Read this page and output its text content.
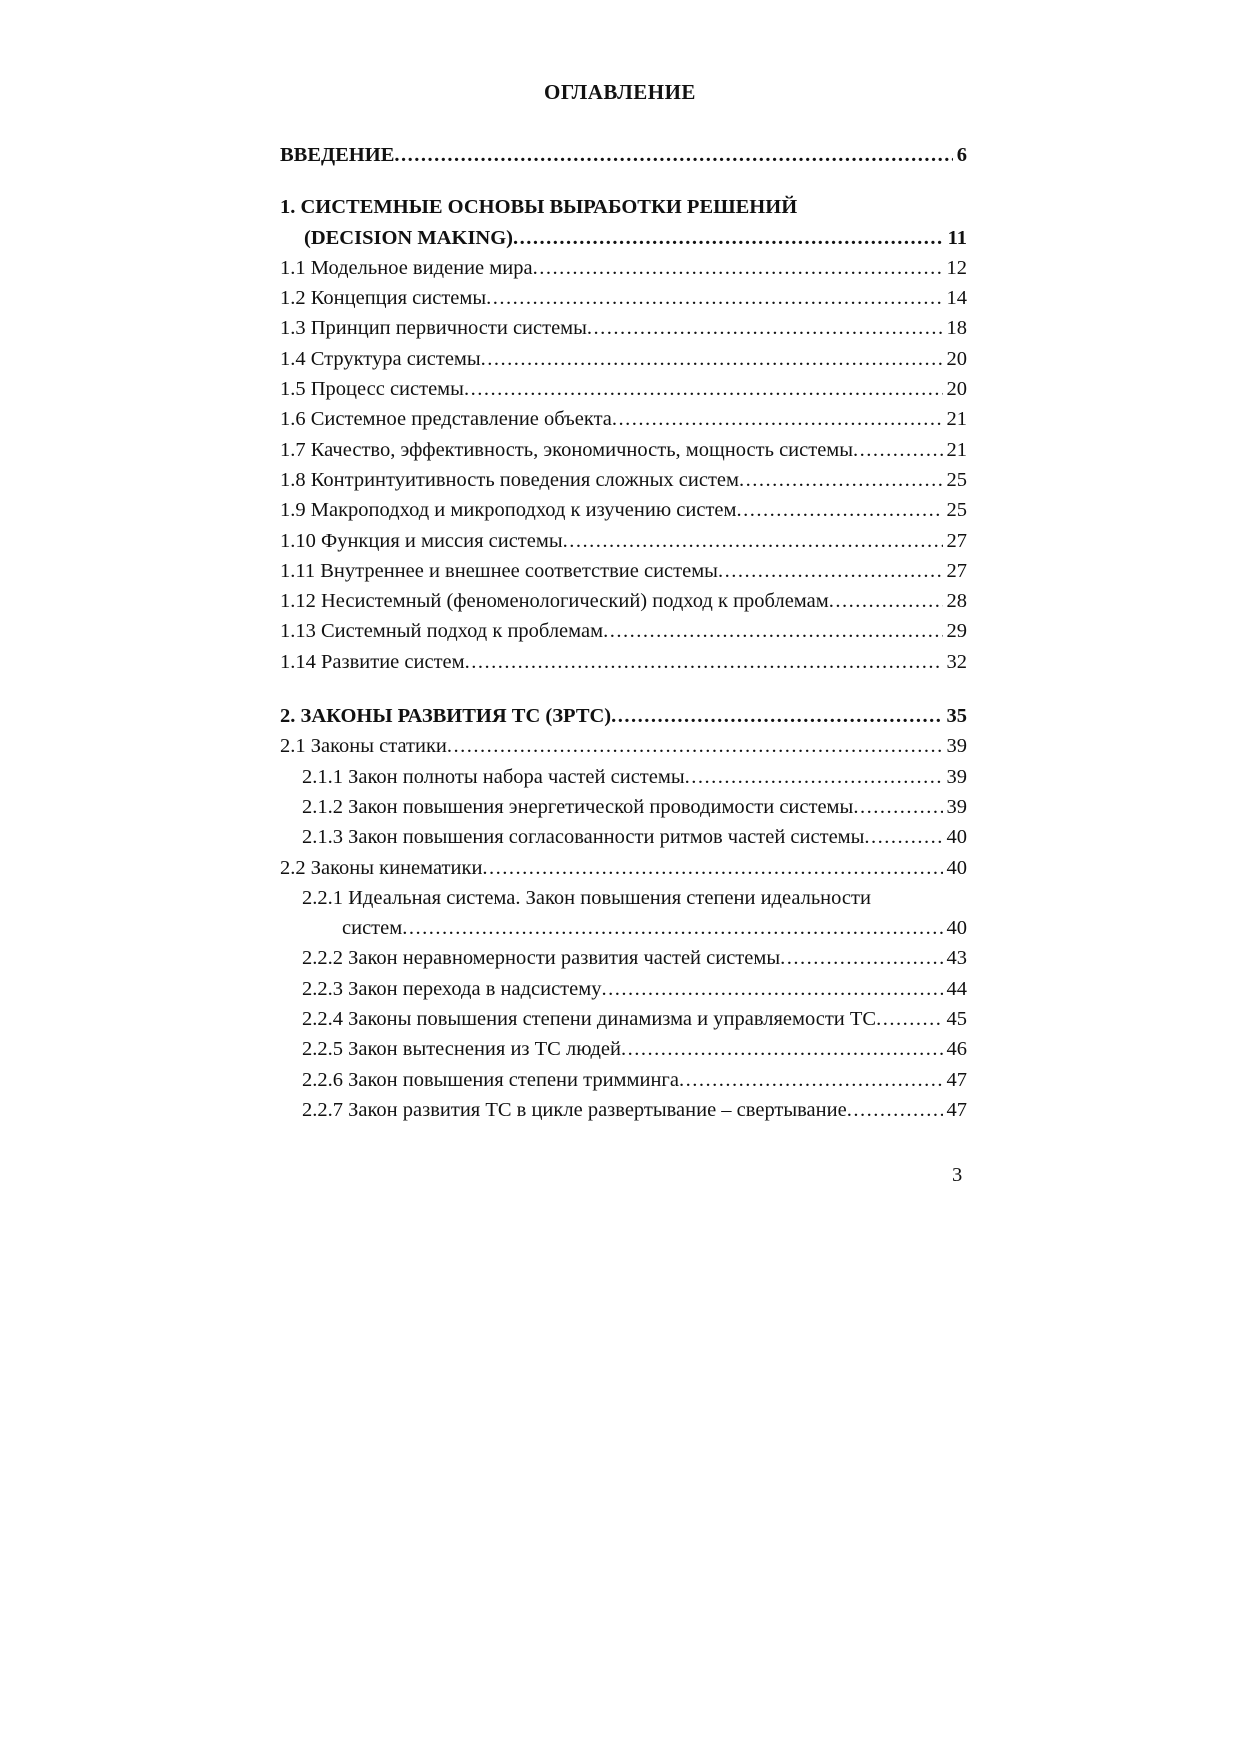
ОГЛАВЛЕНИЕ
ВВЕДЕНИЕ .....	6
1. СИСТЕМНЫЕ ОСНОВЫ ВЫРАБОТКИ РЕШЕНИЙ
(DECISION MAKING) .....	11
1.1 Модельное видение мира .....	12
1.2 Концепция системы .....	14
1.3 Принцип первичности системы .....	18
1.4 Структура системы .....	20
1.5 Процесс системы .....	20
1.6 Системное представление объекта .....	21
1.7 Качество, эффективность, экономичность, мощность системы .....	21
1.8 Контринтуитивность поведения сложных систем .....	25
1.9 Макроподход и микроподход к изучению систем .....	25
1.10 Функция и миссия системы .....	27
1.11 Внутреннее и внешнее соответствие системы .....	27
1.12 Несистемный (феноменологический) подход к проблемам .....	28
1.13 Системный подход к проблемам .....	29
1.14 Развитие систем .....	32
2. ЗАКОНЫ РАЗВИТИЯ ТС (ЗРТС) .....	35
2.1 Законы статики .....	39
2.1.1 Закон полноты набора частей системы .....	39
2.1.2 Закон повышения энергетической проводимости системы .....	39
2.1.3 Закон повышения согласованности ритмов частей системы .....	40
2.2 Законы кинематики .....	40
2.2.1 Идеальная система. Закон повышения степени идеальности
систем .....	40
2.2.2 Закон неравномерности развития частей системы .....	43
2.2.3 Закон перехода в надсистему .....	44
2.2.4 Законы повышения степени динамизма и управляемости ТС .....	45
2.2.5 Закон вытеснения из ТС людей .....	46
2.2.6 Закон повышения степени тримминга .....	47
2.2.7 Закон развития ТС в цикле развертывание – свертывание .....	47
3
